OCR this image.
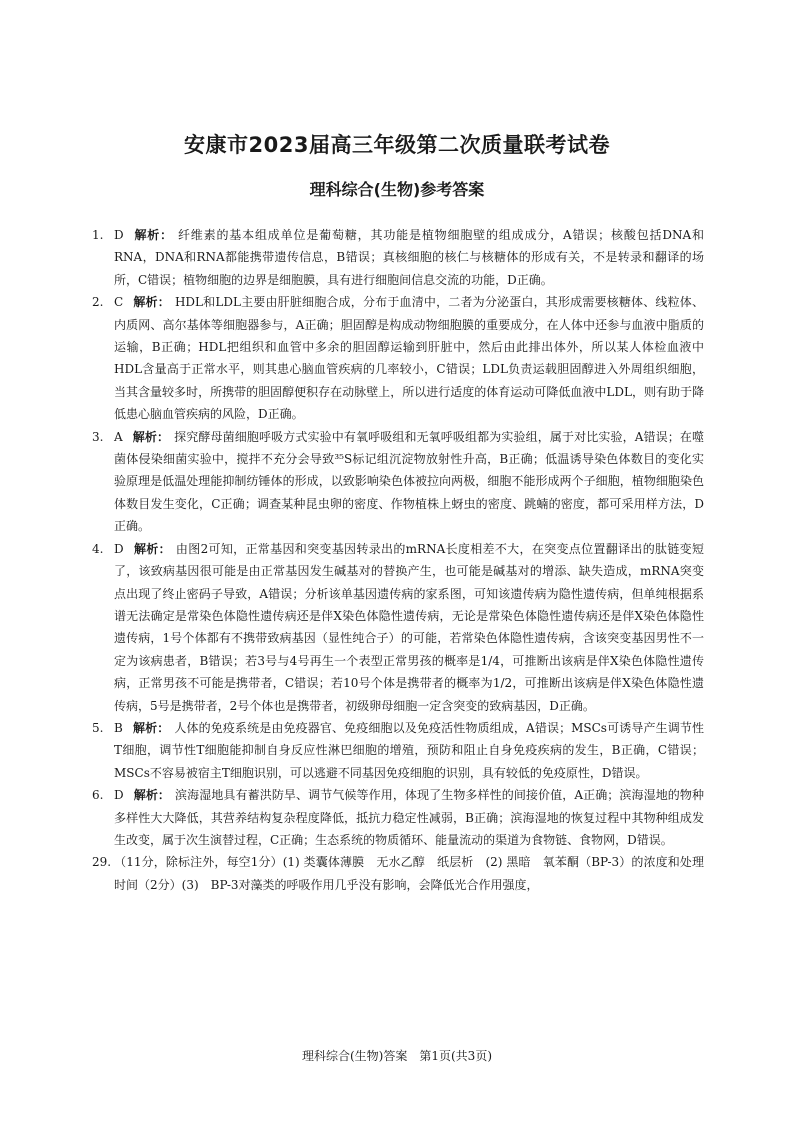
安康市2023届高三年级第二次质量联考试卷
理科综合(生物)参考答案

1. D 解析： 纤维素的基本组成单位是葡萄糖，其功能是植物细胞壁的组成成分，A错误；核酸包括DNA和RNA，DNA和RNA都能携带遗传信息，B错误；真核细胞的核仁与核糖体的形成有关，不是转录和翻译的场所，C错误；植物细胞的边界是细胞膜，具有进行细胞间信息交流的功能，D正确。

2. C 解析： HDL和LDL主要由肝脏细胞合成，分布于血清中，二者为分泌蛋白，其形成需要核糖体、线粒体、内质网、高尔基体等细胞器参与，A正确；胆固醇是构成动物细胞膜的重要成分，在人体中还参与血液中脂质的运输，B正确；HDL把组织和血管中多余的胆固醇运输到肝脏中，然后由此排出体外，所以某人体检血液中HDL含量高于正常水平，则其患心脑血管疾病的几率较小，C错误；LDL负责运载胆固醇进入外周组织细胞，当其含量较多时，所携带的胆固醇便积存在动脉壁上，所以进行适度的体育运动可降低血液中LDL，则有助于降低患心脑血管疾病的风险，D正确。

3. A 解析： 探究酵母菌细胞呼吸方式实验中有氧呼吸组和无氧呼吸组都为实验组，属于对比实验，A错误；在噬菌体侵染细菌实验中，搅拌不充分会导致³⁵S标记组沉淀物放射性升高，B正确；低温诱导染色体数目的变化实验原理是低温处理能抑制纺锤体的形成，以致影响染色体被拉向两极，细胞不能形成两个子细胞，植物细胞染色体数目发生变化，C正确；调查某种昆虫卵的密度、作物植株上蚜虫的密度、跳蝻的密度，都可采用样方法，D正确。

4. D 解析： 由图2可知，正常基因和突变基因转录出的mRNA长度相差不大，在突变点位置翻译出的肽链变短了，该致病基因很可能是由正常基因发生碱基对的替换产生，也可能是碱基对的增添、缺失造成，mRNA突变点出现了终止密码子导致，A错误；分析该单基因遗传病的家系图，可知该遗传病为隐性遗传病，但单纯根据系谱无法确定是常染色体隐性遗传病还是伴X染色体隐性遗传病，无论是常染色体隐性遗传病还是伴X染色体隐性遗传病，1号个体都有不携带致病基因（显性纯合子）的可能，若常染色体隐性遗传病，含该突变基因男性不一定为该病患者，B错误；若3号与4号再生一个表型正常男孩的概率是1/4，可推断出该病是伴X染色体隐性遗传病，正常男孩不可能是携带者，C错误；若10号个体是携带者的概率为1/2，可推断出该病是伴X染色体隐性遗传病，5号是携带者，2号个体也是携带者，初级卵母细胞一定含突变的致病基因，D正确。

5. B 解析： 人体的免疫系统是由免疫器官、免疫细胞以及免疫活性物质组成，A错误；MSCs可诱导产生调节性T细胞，调节性T细胞能抑制自身反应性淋巴细胞的增殖，预防和阻止自身免疫疾病的发生，B正确，C错误；MSCs不容易被宿主T细胞识别，可以逃避不同基因免疫细胞的识别，具有较低的免疫原性，D错误。

6. D 解析： 滨海湿地具有蓄洪防旱、调节气候等作用，体现了生物多样性的间接价值，A正确；滨海湿地的物种多样性大大降低，其营养结构复杂程度降低，抵抗力稳定性减弱，B正确；滨海湿地的恢复过程中其物种组成发生改变，属于次生演替过程，C正确；生态系统的物质循环、能量流动的渠道为食物链、食物网，D错误。

29. （11分，除标注外，每空1分）(1) 类囊体薄膜　无水乙醇　纸层析　(2) 黑暗　氧苯酮（BP-3）的浓度和处理时间（2分）(3)　BP-3对藻类的呼吸作用几乎没有影响，会降低光合作用强度，

理科综合(生物)答案　第1页(共3页)
